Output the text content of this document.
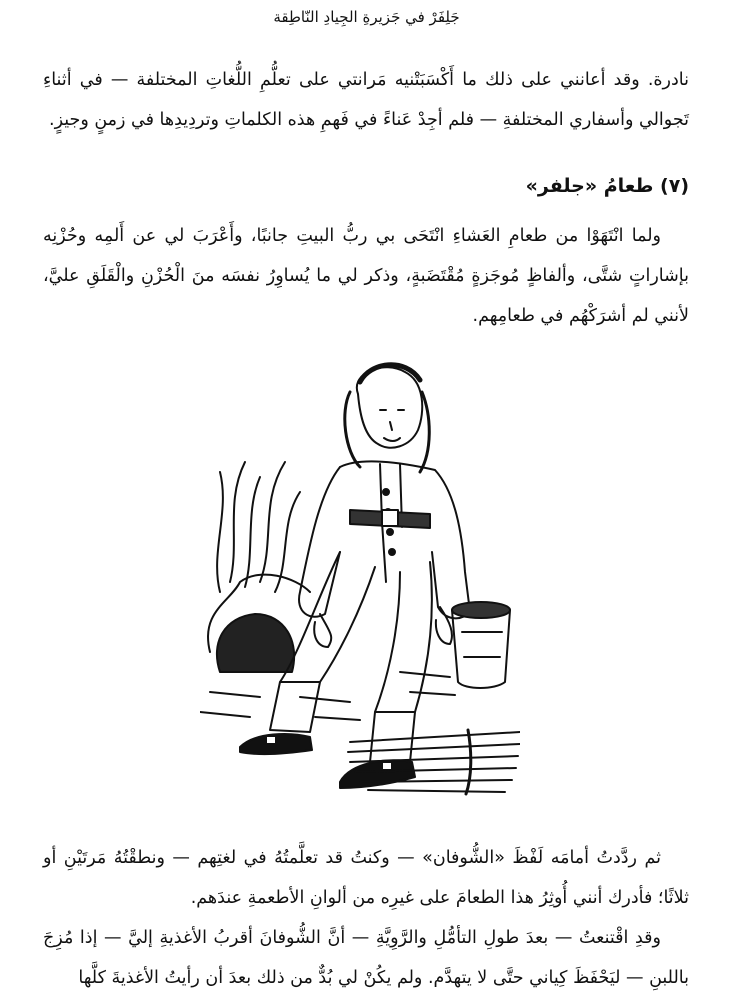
جَلِفَرْ في جَزيرةِ الجِيادِ النّاطِقة

نادرة. وقد أعانني على ذلك ما أَكْسَبَتْنيه مَرانتي على تعلُّمِ اللُّغاتِ المختلفة — في أثناءِ تَجوالي وأسفاري المختلفةِ — فلم أجِدْ عَناءً في فَهمِ هذه الكلماتِ وتردِيدِها في زمنٍ وجيزٍ.

(٧) طعامُ «جلفر»

ولما انْتَهَوْا من طعامِ العَشاءِ انْتَحَى بي ربُّ البيتِ جانبًا، وأَعْرَبَ لي عن أَلمِه وحُزْنِه بإشاراتٍ شتَّى، وألفاظٍ مُوجَزةٍ مُقْتَضَبةٍ، وذكر لي ما يُساوِرُ نفسَه منَ الْحُزْنِ والْقَلَقِ عليَّ، لأنني لم أشرَكْهُم في طعامِهم.

ثم ردَّدتُ أمامَه لَفْظَ «الشُّوفان» — وكنتُ قد تعلَّمتُهُ في لغتِهم — ونطقْتُهُ مَرتَيْنِ أو ثلاثًا؛ فأدرك أنني أُوثِرُ هذا الطعامَ على غيرِه من ألوانِ الأطعمةِ عندَهم.

وقدِ اقْتنعتُ — بعدَ طولِ التأمُّلِ والرَّوِيَّةِ — أنَّ الشُّوفانَ أقربُ الأغذيةِ إليَّ — إذا مُزِجَ باللبنِ — ليَحْفَظَ كِياني حتَّى لا يتهدَّم. ولم يكُنْ لي بُدٌّ من ذلك بعدَ أن رأيتُ الأغذيةَ كلَّها
